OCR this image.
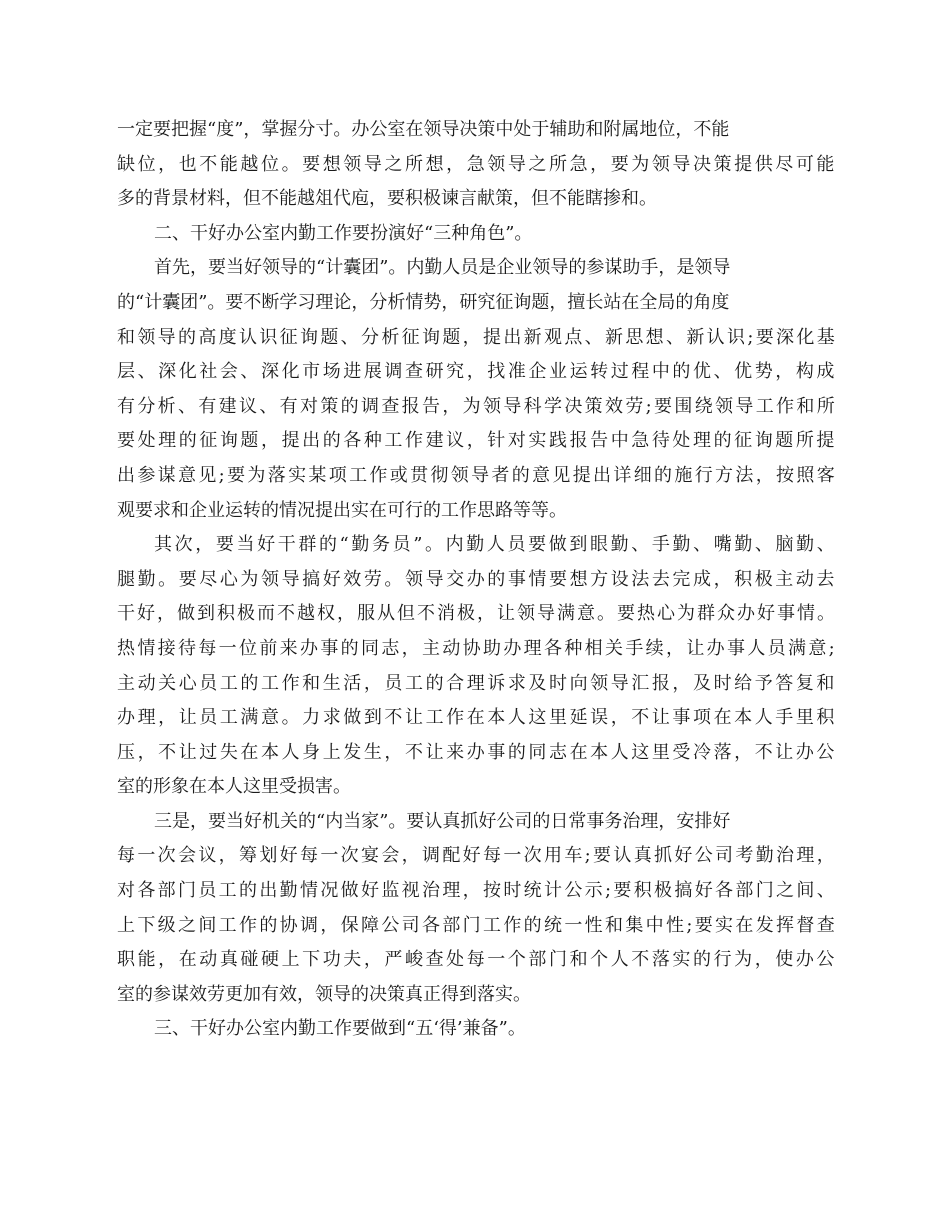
一定要把握“度”，掌握分寸。办公室在领导决策中处于辅助和附属地位，不能
缺位，也不能越位。要想领导之所想，急领导之所急，要为领导决策提供尽可能
多的背景材料，但不能越俎代庖，要积极谏言献策，但不能瞎掺和。
二、干好办公室内勤工作要扮演好“三种角色”。
首先，要当好领导的“计囊团”。内勤人员是企业领导的参谋助手，是领导
的“计囊团”。要不断学习理论，分析情势，研究征询题，擅长站在全局的角度
和领导的高度认识征询题、分析征询题，提出新观点、新思想、新认识;要深化基
层、深化社会、深化市场进展调查研究，找准企业运转过程中的优、优势，构成
有分析、有建议、有对策的调查报告，为领导科学决策效劳;要围绕领导工作和所
要处理的征询题，提出的各种工作建议，针对实践报告中急待处理的征询题所提
出参谋意见;要为落实某项工作或贯彻领导者的意见提出详细的施行方法，按照客
观要求和企业运转的情况提出实在可行的工作思路等等。
其次，要当好干群的“勤务员”。内勤人员要做到眼勤、手勤、嘴勤、脑勤、
腿勤。要尽心为领导搞好效劳。领导交办的事情要想方设法去完成，积极主动去
干好，做到积极而不越权，服从但不消极，让领导满意。要热心为群众办好事情。
热情接待每一位前来办事的同志，主动协助办理各种相关手续，让办事人员满意;
主动关心员工的工作和生活，员工的合理诉求及时向领导汇报，及时给予答复和
办理，让员工满意。力求做到不让工作在本人这里延误，不让事项在本人手里积
压，不让过失在本人身上发生，不让来办事的同志在本人这里受冷落，不让办公
室的形象在本人这里受损害。
三是，要当好机关的“内当家”。要认真抓好公司的日常事务治理，安排好
每一次会议，筹划好每一次宴会，调配好每一次用车;要认真抓好公司考勤治理，
对各部门员工的出勤情况做好监视治理，按时统计公示;要积极搞好各部门之间、
上下级之间工作的协调，保障公司各部门工作的统一性和集中性;要实在发挥督查
职能，在动真碰硬上下功夫，严峻查处每一个部门和个人不落实的行为，使办公
室的参谋效劳更加有效，领导的决策真正得到落实。
三、干好办公室内勤工作要做到“五‘得’兼备”。
